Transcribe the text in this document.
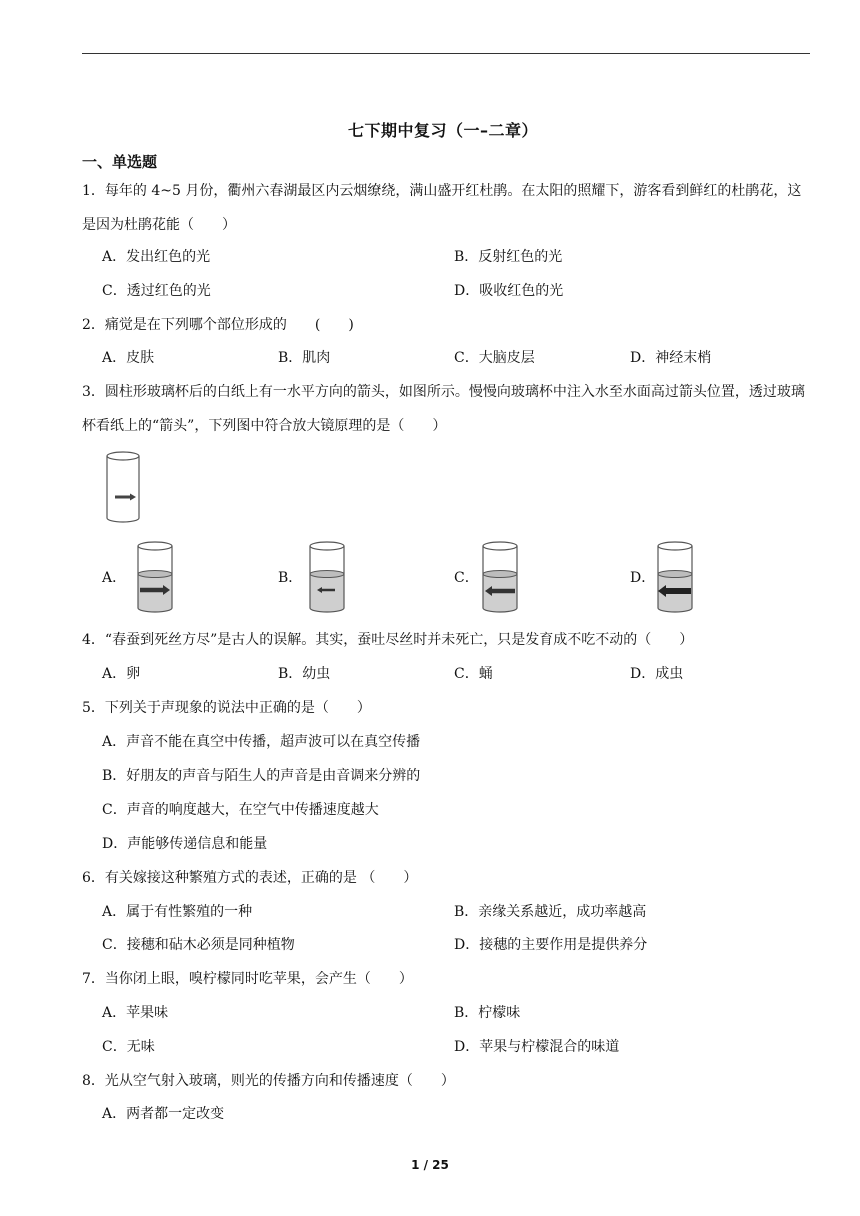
七下期中复习（一–二章）
一、单选题
1．每年的 4~5 月份，衢州六春湖最区内云烟缭绕，满山盛开红杜鹃。在太阳的照耀下，游客看到鲜红的杜鹃花，这是因为杜鹃花能（　　）
A．发出红色的光	B．反射红色的光
C．透过红色的光	D．吸收红色的光
2．痛觉是在下列哪个部位形成的　　(　　)
A．皮肤	B．肌肉	C．大脑皮层	D．神经末梢
3．圆柱形玻璃杯后的白纸上有一水平方向的箭头，如图所示。慢慢向玻璃杯中注入水至水面高过箭头位置，透过玻璃杯看纸上的“箭头”，下列图中符合放大镜原理的是（　　）
A．	B．	C．	D．
4．“春蚕到死丝方尽”是古人的误解。其实，蚕吐尽丝时并未死亡，只是发育成不吃不动的（　　）
A．卵	B．幼虫	C．蛹	D．成虫
5．下列关于声现象的说法中正确的是（　　）
A．声音不能在真空中传播，超声波可以在真空传播
B．好朋友的声音与陌生人的声音是由音调来分辨的
C．声音的响度越大，在空气中传播速度越大
D．声能够传递信息和能量
6．有关嫁接这种繁殖方式的表述，正确的是 （　　）
A．属于有性繁殖的一种	B．亲缘关系越近，成功率越高
C．接穗和砧木必须是同种植物	D．接穗的主要作用是提供养分
7．当你闭上眼，嗅柠檬同时吃苹果，会产生（　　）
A．苹果味	B．柠檬味
C．无味	D．苹果与柠檬混合的味道
8．光从空气射入玻璃，则光的传播方向和传播速度（　　）
A．两者都一定改变
1 / 25
